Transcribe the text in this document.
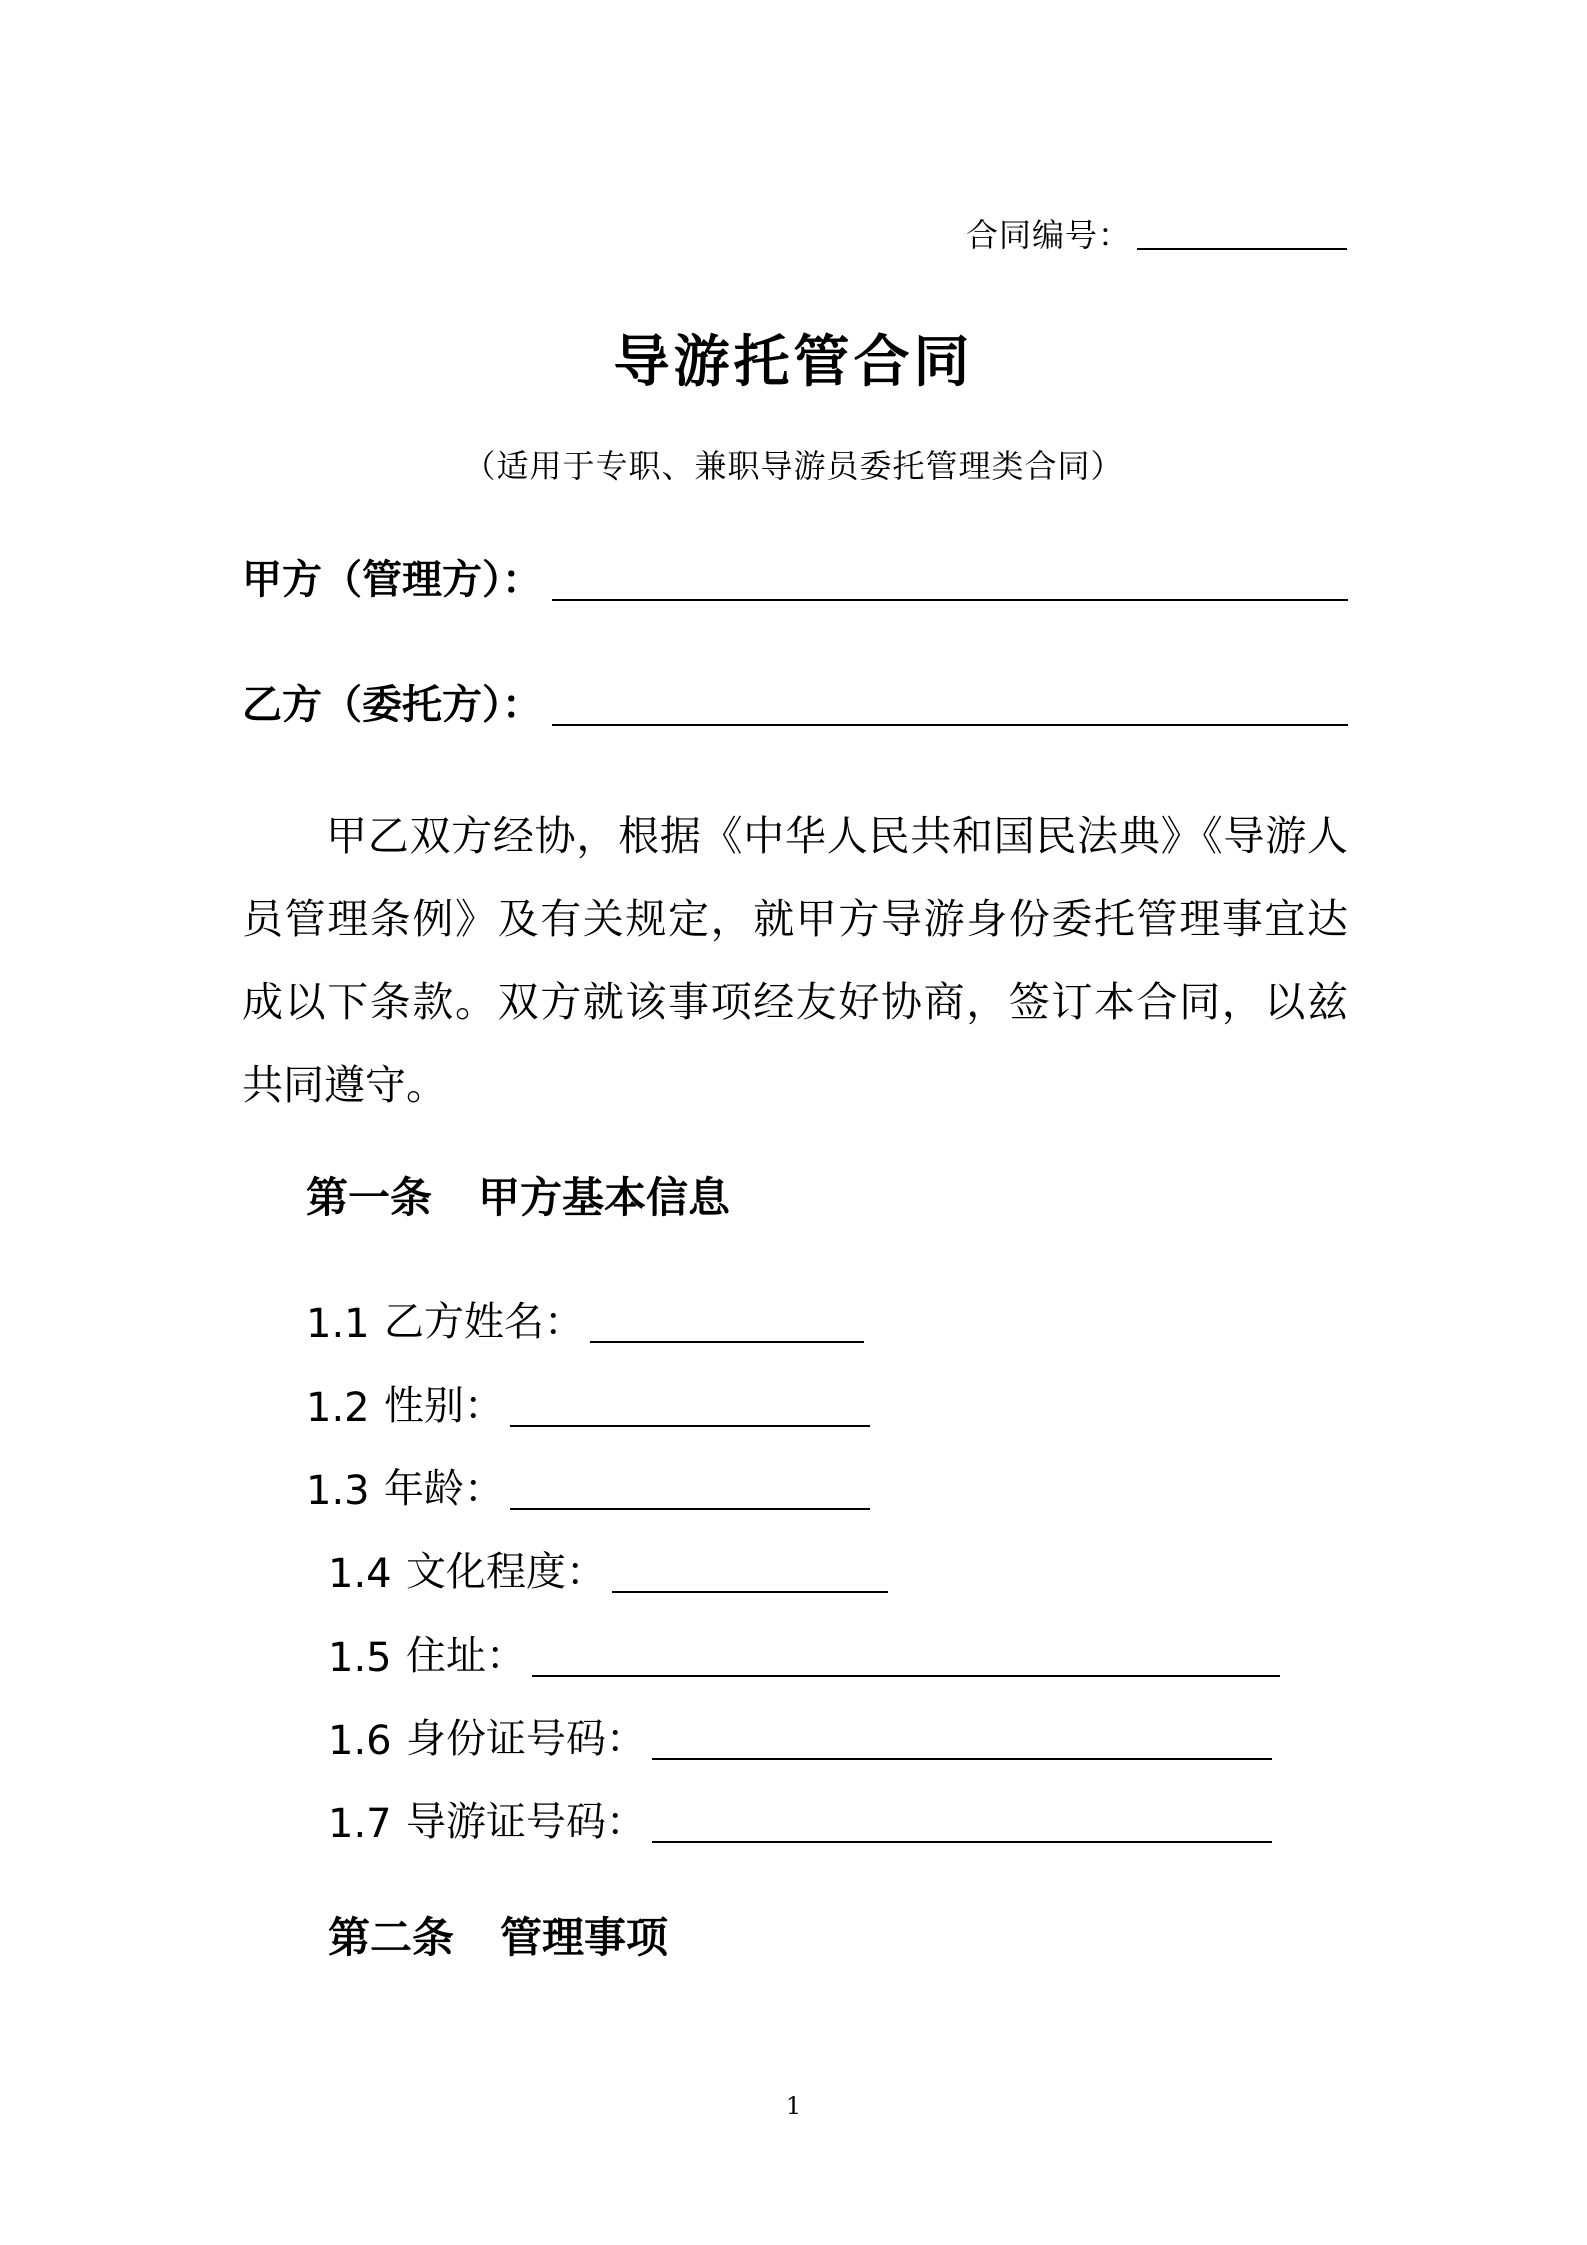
合同编号：
导游托管合同
（适用于专职、兼职导游员委托管理类合同）
甲方（管理方）：
乙方（委托方）：

甲乙双方经协，根据《中华人民共和国民法典》《导游人员管理条例》及有关规定，就甲方导游身份委托管理事宜达成以下条款。双方就该事项经友好协商，签订本合同，以兹共同遵守。

第一条 甲方基本信息
1.1 乙方姓名：
1.2 性别：
1.3 年龄：
1.4 文化程度：
1.5 住址：
1.6 身份证号码：
1.7 导游证号码：
第二条 管理事项
1
